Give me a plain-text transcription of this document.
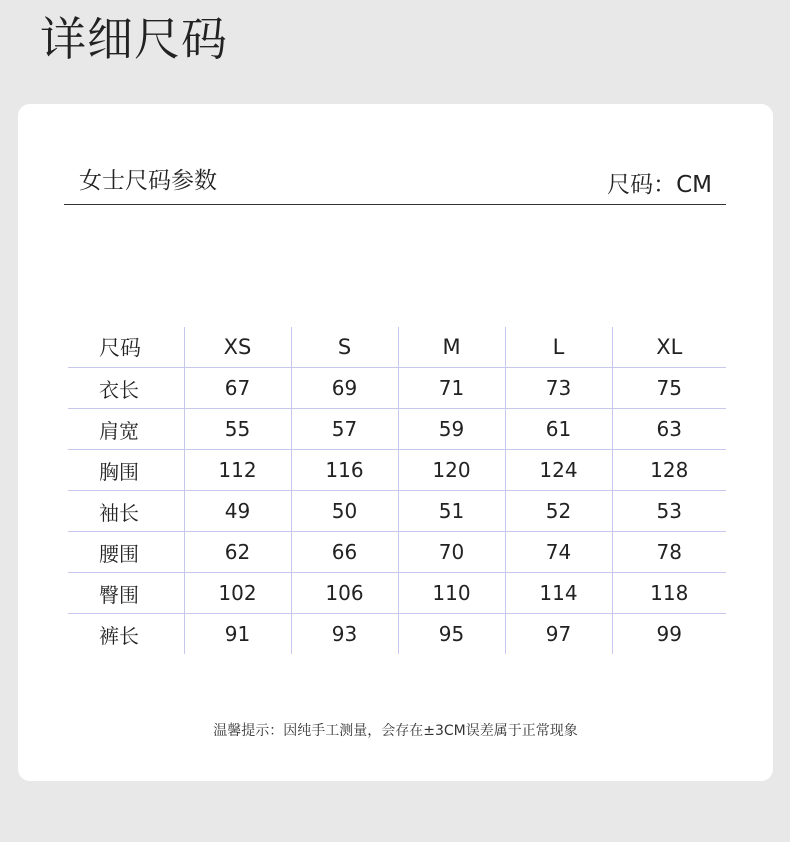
详细尺码
女士尺码参数	尺码：CM
尺码	XS	S	M	L	XL
衣长	67	69	71	73	75
肩宽	55	57	59	61	63
胸围	112	116	120	124	128
袖长	49	50	51	52	53
腰围	62	66	70	74	78
臀围	102	106	110	114	118
裤长	91	93	95	97	99
温馨提示：因纯手工测量，会存在±3CM误差属于正常现象
